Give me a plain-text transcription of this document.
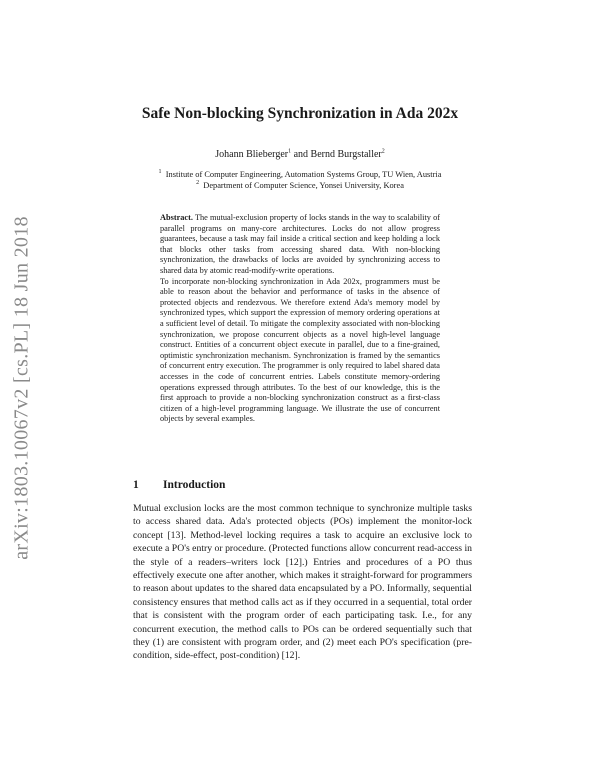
arXiv:1803.10067v2 [cs.PL] 18 Jun 2018
Safe Non-blocking Synchronization in Ada 202x
Johann Blieberger$^1$ and Bernd Burgstaller$^2$
$^1$ Institute of Computer Engineering, Automation Systems Group, TU Wien, Austria
$^2$ Department of Computer Science, Yonsei University, Korea

Abstract. The mutual-exclusion property of locks stands in the way to scalability of parallel programs on many-core architectures. Locks do not allow progress guarantees, because a task may fail inside a critical section and keep holding a lock that blocks other tasks from accessing shared data. With non-blocking synchronization, the drawbacks of locks are avoided by synchronizing access to shared data by atomic read-modify-write operations.

To incorporate non-blocking synchronization in Ada 202x, programmers must be able to reason about the behavior and performance of tasks in the absence of protected objects and rendezvous. We therefore extend Ada's memory model by synchronized types, which support the expression of memory ordering operations at a sufficient level of detail. To mitigate the complexity associated with non-blocking synchronization, we propose concurrent objects as a novel high-level language construct. Entities of a concurrent object execute in parallel, due to a fine-grained, optimistic synchronization mechanism. Synchronization is framed by the semantics of concurrent entry execution. The programmer is only required to label shared data accesses in the code of concurrent entries. Labels constitute memory-ordering operations expressed through attributes. To the best of our knowledge, this is the first approach to provide a non-blocking synchronization construct as a first-class citizen of a high-level programming language. We illustrate the use of concurrent objects by several examples.

1 Introduction

Mutual exclusion locks are the most common technique to synchronize multiple tasks to access shared data. Ada's protected objects (POs) implement the monitor-lock concept [13]. Method-level locking requires a task to acquire an exclusive lock to execute a PO's entry or procedure. (Protected functions allow concurrent read-access in the style of a readers–writers lock [12].) Entries and procedures of a PO thus effectively execute one after another, which makes it straight-forward for programmers to reason about updates to the shared data encapsulated by a PO. Informally, sequential consistency ensures that method calls act as if they occurred in a sequential, total order that is consistent with the program order of each participating task. I.e., for any concurrent execution, the method calls to POs can be ordered sequentially such that they (1) are consistent with program order, and (2) meet each PO's specification (pre-condition, side-effect, post-condition) [12].
